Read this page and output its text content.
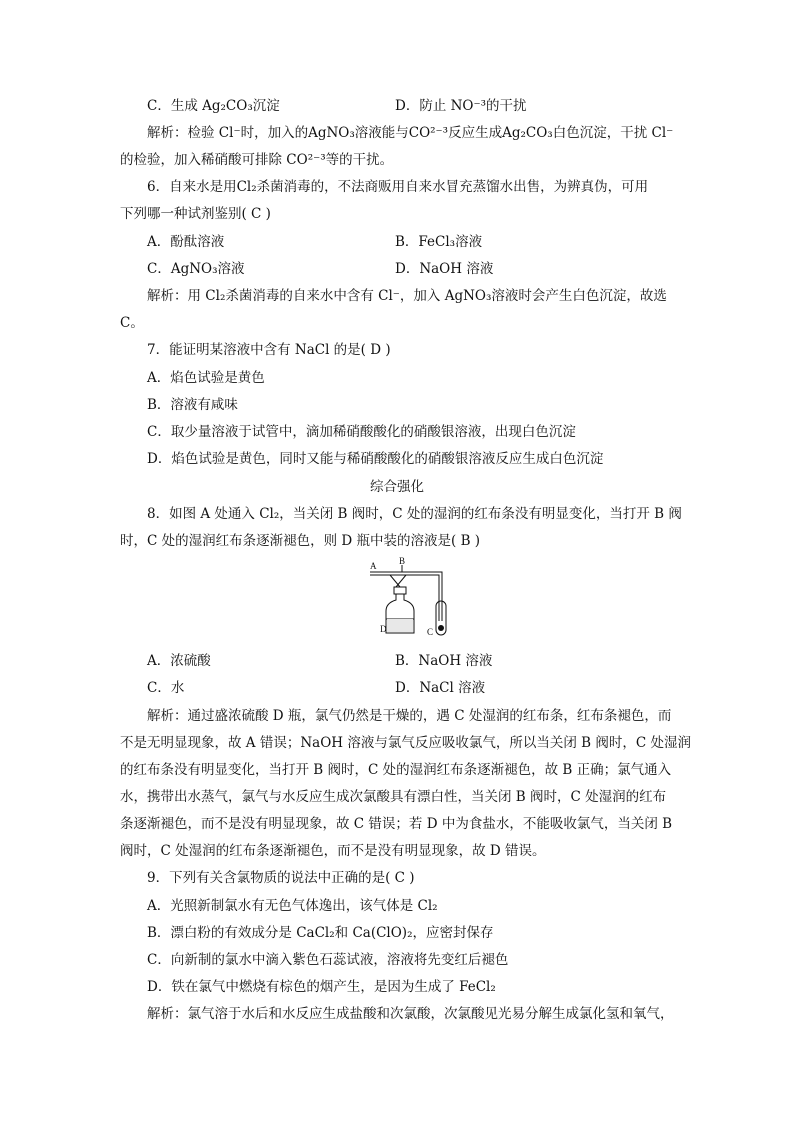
C．生成 Ag₂CO₃沉淀	D．防止 NO⁻³的干扰
解析：检验 Cl⁻时，加入的AgNO₃溶液能与CO²⁻³反应生成Ag₂CO₃白色沉淀，干扰 Cl⁻
的检验，加入稀硝酸可排除 CO²⁻³等的干扰。
6．自来水是用Cl₂杀菌消毒的，不法商贩用自来水冒充蒸馏水出售，为辨真伪，可用
下列哪一种试剂鉴别( C )
A．酚酞溶液	B．FeCl₃溶液
C．AgNO₃溶液	D．NaOH 溶液
解析：用 Cl₂杀菌消毒的自来水中含有 Cl⁻，加入 AgNO₃溶液时会产生白色沉淀，故选
C。
7．能证明某溶液中含有 NaCl 的是( D )
A．焰色试验是黄色
B．溶液有咸味
C．取少量溶液于试管中，滴加稀硝酸酸化的硝酸银溶液，出现白色沉淀
D．焰色试验是黄色，同时又能与稀硝酸酸化的硝酸银溶液反应生成白色沉淀
综合强化
8．如图 A 处通入 Cl₂，当关闭 B 阀时，C 处的湿润的红布条没有明显变化，当打开 B 阀
时，C 处的湿润红布条逐渐褪色，则 D 瓶中装的溶液是( B )
A	B
D	C
A．浓硫酸	B．NaOH 溶液
C．水	D．NaCl 溶液
解析：通过盛浓硫酸 D 瓶，氯气仍然是干燥的，遇 C 处湿润的红布条，红布条褪色，而
不是无明显现象，故 A 错误；NaOH 溶液与氯气反应吸收氯气，所以当关闭 B 阀时，C 处湿润
的红布条没有明显变化，当打开 B 阀时，C 处的湿润红布条逐渐褪色，故 B 正确；氯气通入
水，携带出水蒸气，氯气与水反应生成次氯酸具有漂白性，当关闭 B 阀时，C 处湿润的红布
条逐渐褪色，而不是没有明显现象，故 C 错误；若 D 中为食盐水，不能吸收氯气，当关闭 B
阀时，C 处湿润的红布条逐渐褪色，而不是没有明显现象，故 D 错误。
9．下列有关含氯物质的说法中正确的是( C )
A．光照新制氯水有无色气体逸出，该气体是 Cl₂
B．漂白粉的有效成分是 CaCl₂和 Ca(ClO)₂，应密封保存
C．向新制的氯水中滴入紫色石蕊试液，溶液将先变红后褪色
D．铁在氯气中燃烧有棕色的烟产生，是因为生成了 FeCl₂
解析：氯气溶于水后和水反应生成盐酸和次氯酸，次氯酸见光易分解生成氯化氢和氧气，
